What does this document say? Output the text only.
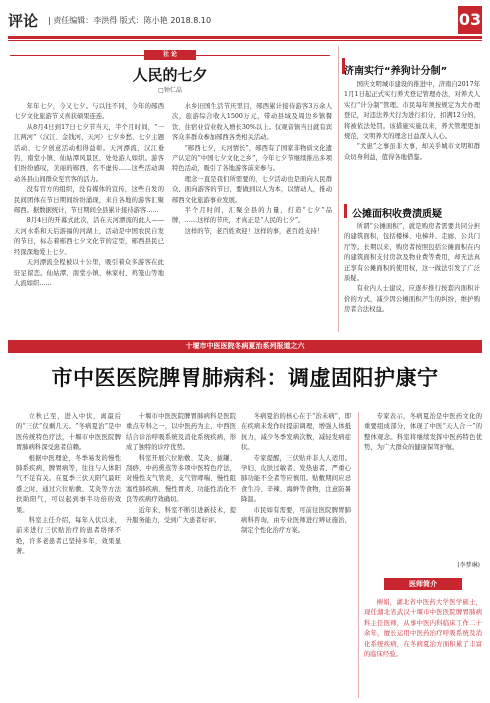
评论 | 责任编辑：李洪得 版式：陈小艳 2018.8.10	03
社 论
人民的七夕
□钟仁晶

年年七夕，今又七夕。与以往不同，今年的郧西七夕文化旅游节又喜获硕果连连。

从8月4日到17日七夕节当天，半个月时间，“一江两河”（汉江、金钱河、天河）七夕乡愁、七夕主题活动、七夕创意活动相得益彰。天河漂流、汉江垂钓、南堂小镇、仙姑潭风景区，处处游人如织。游客们纷纷感叹，美丽的郧西，名不虚传……这些活动调动各县山间群众至官客的活力。

没有官方的组织，没有媒体的宣传，这些自发的民间团体在节日期间纷纷涌现，来自各地的游客汇聚郧西。据数据统计，节日期间全县累计接待游客……

8月4日的开幕式此次，活在天河漂流的此人——天河水系和天后游福的河湖上，活动是中国农民自发的节日，标志着郧西七夕文化节的定型，郧西县民已经深深地爱上七夕。

天河漂流全程被以十公里，吸引着众多游客在此驻足留恋。仙姑潭、南堂小镇、林家村、鸡笼山等地人流如织……

水乡旧国生活节庆里目，郧西累计接待游客3万余人次，旅游综合收入1500万元，带动县域及周边乡镇餐饮、住宿业营业收入增长30%以上。仅观音镇当日就有宾客众多群众参加郧西各类相关活动。

“郧西七夕，天河情长”，郧西有了国家非物质文化遗产认定的“中国七夕文化之乡”，今年七夕节继续推出多项特色活动，吸引了各地游客前来参与。

理念一直是我们所需要的，七夕活动也是面向人民群众、面向游客的节日，要做到以人为本，以情动人，推动郧西文化旅游事业发展。

半个月时间，汇聚全县的力量，打造“七夕”品牌，……这样的节庆，才真正是“人民的七夕”。

这样的节，老百姓欢迎！这样的事，老百姓支持！

济南实行“养狗计分制”

国庆文明城市建设的推进中，济南自2017年1月1日起正式实行养犬登记管理办法，对养犬人实行“计分制”管理。市民每年须按规定为犬办理登记，对违法养犬行为进行扣分，扣满12分的，将被依法处罚。该措施实施以来，养犬管理更加规范，文明养犬的理念日益深入人心。

“犬患”之事虽非大事，却关乎城市文明和群众切身利益，值得各地借鉴。

公摊面积收费渍质疑

所谓“公摊面积”，就是购房者需要共同分担的建筑面积，包括楼梯、电梯井、走廊、公共门厅等。长期以来，购房者按照包括公摊面积在内的建筑面积支付房款及物业费等费用，却无法真正享有公摊面积的使用权，这一做法引发了广泛质疑。

有业内人士建议，应逐步推行按套内面积计价的方式，减少因公摊面积产生的纠纷，维护购房者合法权益。

十堰市中医医院冬病夏治系列报道之六
市中医医院脾胃肺病科：调虚固阳护康宁

立秋已至，进入中伏，离最后的“三伏”仅剩几天。“冬病夏治”是中医传统特色疗法，十堰市中医医院脾胃肺病科深受患者信赖。

根据中医理论，冬季易发的慢性肺系疾病、脾胃病等，往往与人体阳气不足有关。在夏季三伏天阳气最旺盛之时，通过穴位贴敷、艾灸等方法扶助阳气，可以起到事半功倍的效果。

科室主任介绍，每年入伏以来，前来进行三伏贴治疗的患者络绎不绝，许多老患者已坚持多年，效果显著。

十堰市中医医院脾胃肺病科是医院重点专科之一，以中医药为主、中西医结合诊治呼吸系统及消化系统疾病，形成了独特的诊疗优势。

科室开展穴位贴敷、艾灸、拔罐、刮痧、中药熏蒸等多项中医特色疗法，对慢性支气管炎、支气管哮喘、慢性阻塞性肺疾病、慢性胃炎、功能性消化不良等疾病疗效确切。

近年来，科室不断引进新技术，提升服务能力，受到广大患者好评。

冬病夏治的核心在于“治未病”，即在疾病未发作时提前调理，增强人体抵抗力，减少冬季发病次数，减轻发病症状。

专家提醒，三伏贴并非人人适用。孕妇、皮肤过敏者、发热患者、严重心肺功能不全者等应慎用。贴敷期间应忌食生冷、辛辣、海鲜等食物，注意防暑降温。

市民如有需要，可前往医院脾胃肺病科咨询，由专业医师进行辨证施治，制定个性化治疗方案。

专家表示，冬病夏治是中医药文化的重要组成部分，体现了中医“天人合一”的整体观念。科室将继续发挥中医药特色优势，为广大群众的健康保驾护航。

(李梦琳)
医师简介

柳娟，湖北省中医药大学医学硕士，现任湖北省武汉十堰市中医医院脾胃肺病科主任医师，从事中医内科临床工作二十余年，擅长运用中医药治疗呼吸系统及消化系统疾病，在冬病夏治方面积累了丰富的临床经验。
